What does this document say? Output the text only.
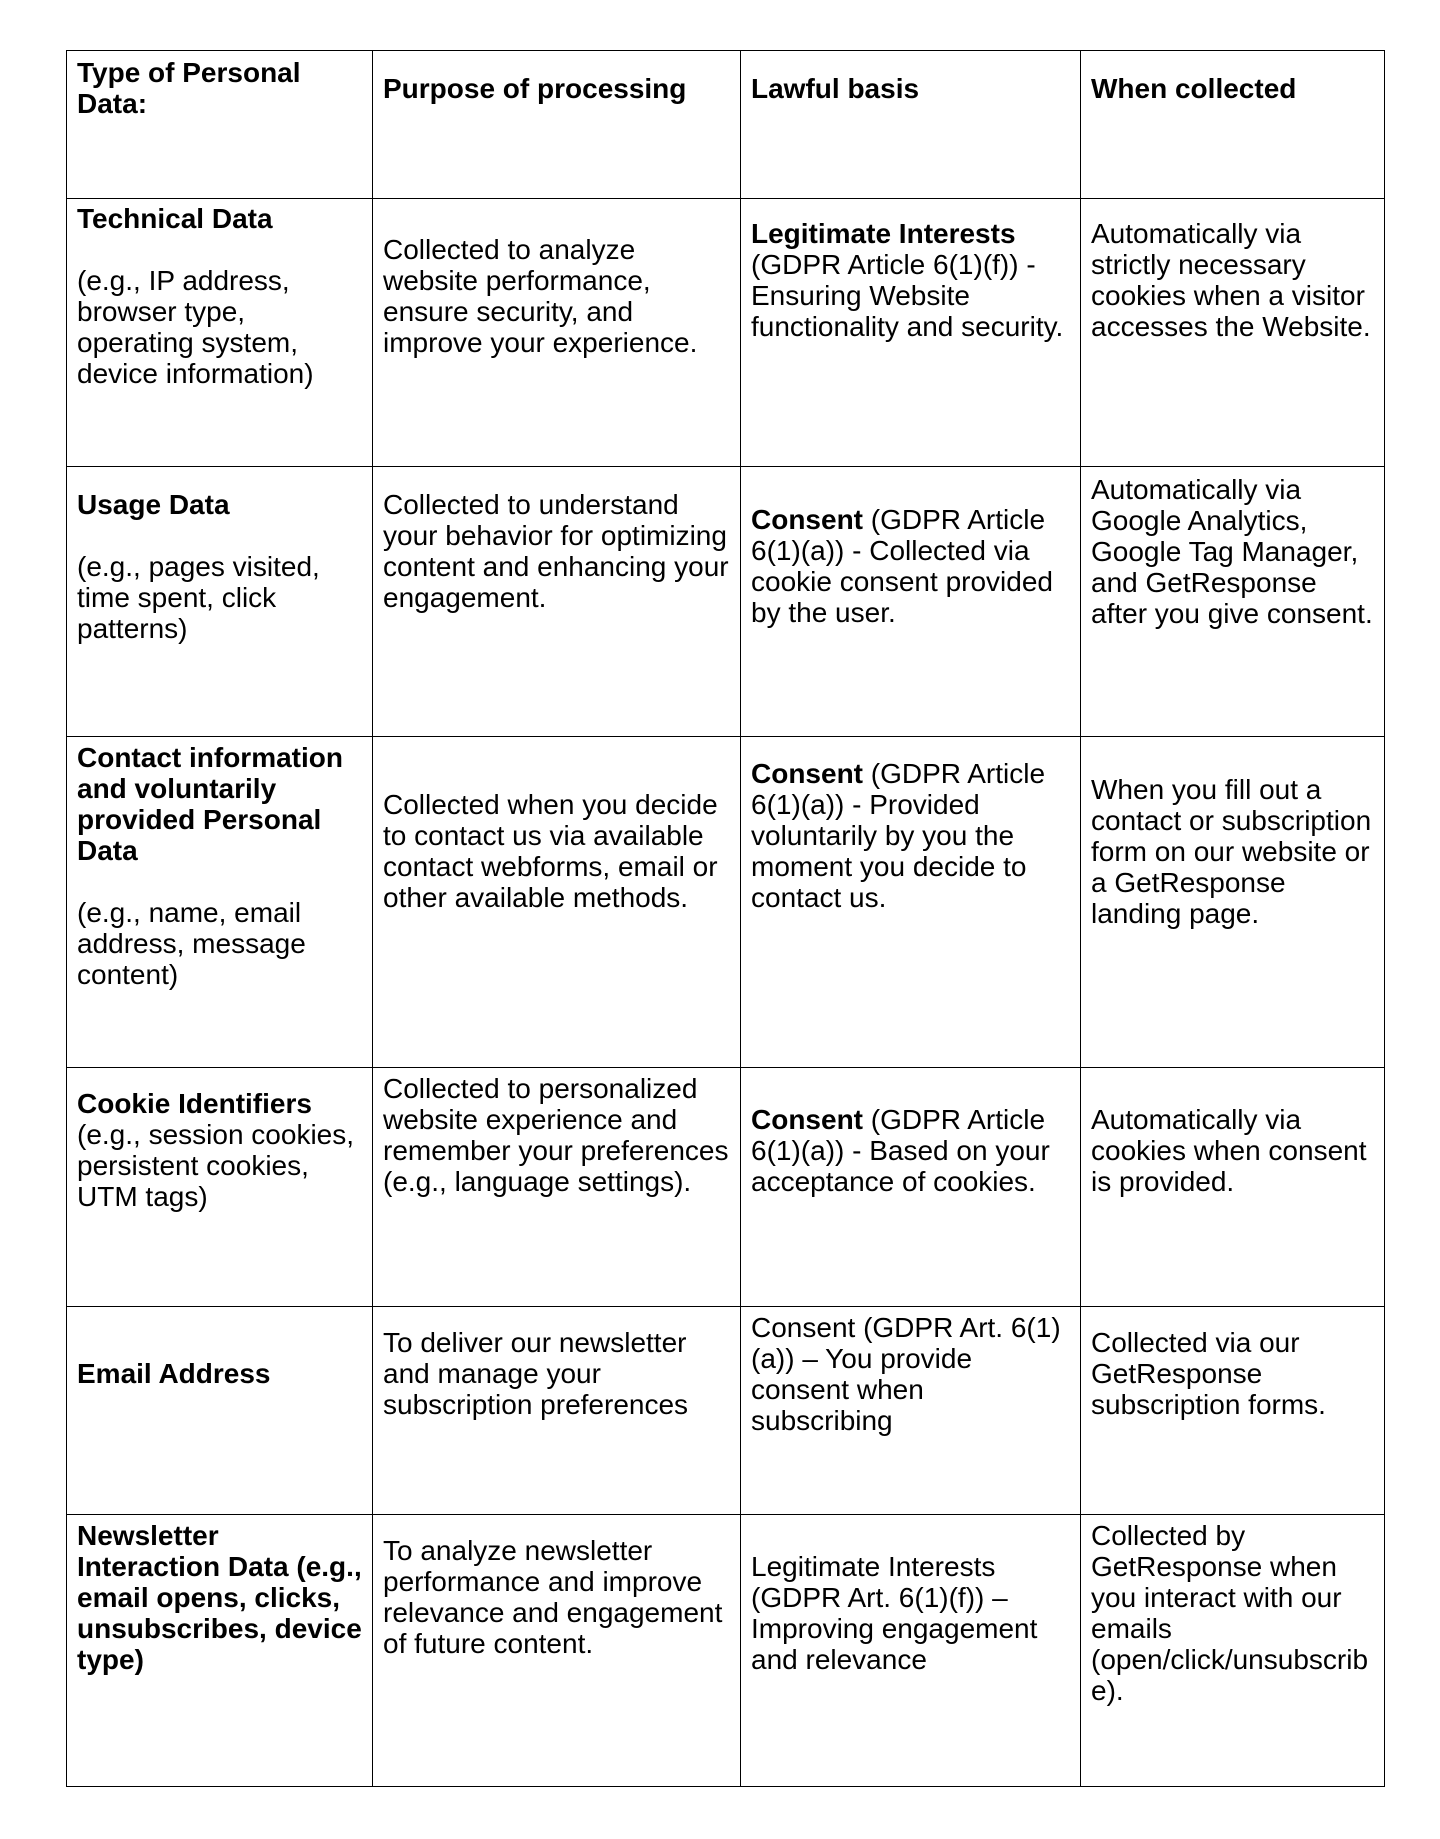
Type of Personal Data:	Purpose of processing	Lawful basis	When collected

Technical Data
(e.g., IP address, browser type, operating system, device information)	Collected to analyze website performance, ensure security, and improve your experience.	Legitimate Interests (GDPR Article 6(1)(f)) - Ensuring Website functionality and security.	Automatically via strictly necessary cookies when a visitor accesses the Website.

Usage Data
(e.g., pages visited, time spent, click patterns)	Collected to understand your behavior for optimizing content and enhancing your engagement.	Consent (GDPR Article 6(1)(a)) - Collected via cookie consent provided by the user.	Automatically via Google Analytics, Google Tag Manager, and GetResponse after you give consent.

Contact information and voluntarily provided Personal Data
(e.g., name, email address, message content)	Collected when you decide to contact us via available contact webforms, email or other available methods.	Consent (GDPR Article 6(1)(a)) - Provided voluntarily by you the moment you decide to contact us.	When you fill out a contact or subscription form on our website or a GetResponse landing page.

Cookie Identifiers
(e.g., session cookies, persistent cookies, UTM tags)	Collected to personalized website experience and remember your preferences (e.g., language settings).	Consent (GDPR Article 6(1)(a)) - Based on your acceptance of cookies.	Automatically via cookies when consent is provided.

Email Address	To deliver our newsletter and manage your subscription preferences	Consent (GDPR Art. 6(1)(a)) – You provide consent when subscribing	Collected via our GetResponse subscription forms.

Newsletter Interaction Data (e.g., email opens, clicks, unsubscribes, device type)	To analyze newsletter performance and improve relevance and engagement of future content.	Legitimate Interests (GDPR Art. 6(1)(f)) – Improving engagement and relevance	Collected by GetResponse when you interact with our emails (open/click/unsubscribe).
